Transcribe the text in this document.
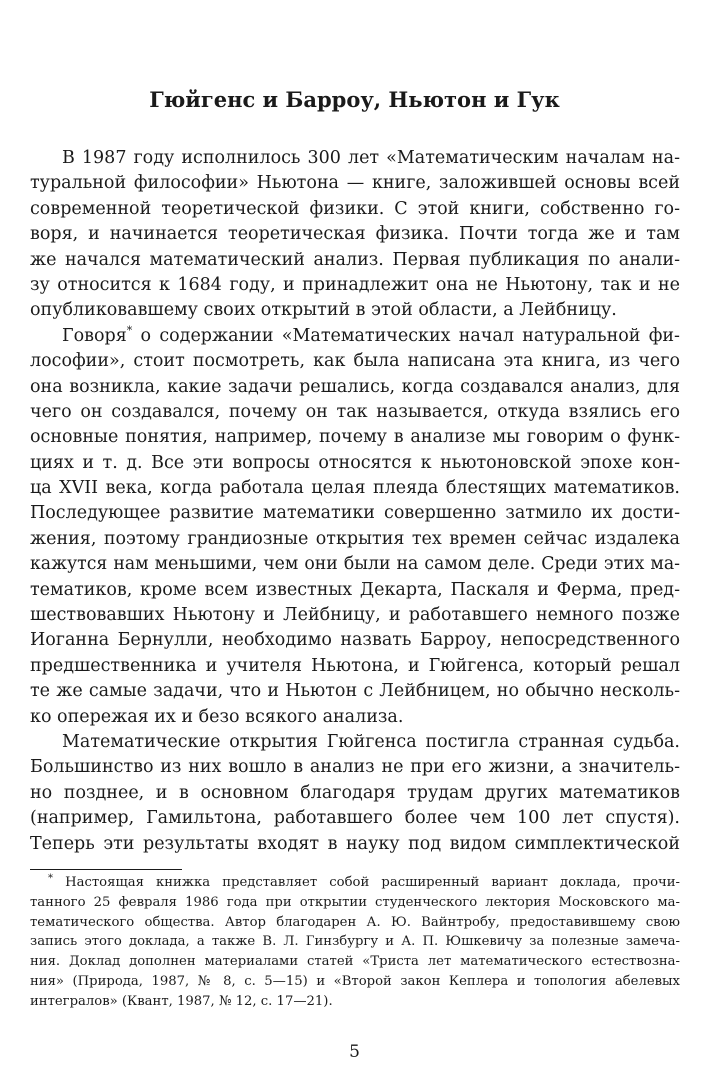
Гюйгенс и Барроу, Ньютон и Гук
В 1987 году исполнилось 300 лет «Математическим началам на-
туральной философии» Ньютона — книге, заложившей основы всей
современной теоретической физики. С этой книги, собственно го-
воря, и начинается теоретическая физика. Почти тогда же и там
же начался математический анализ. Первая публикация по анали-
зу относится к 1684 году, и принадлежит она не Ньютону, так и не
опубликовавшему своих открытий в этой области, а Лейбницу.
Говоря* о содержании «Математических начал натуральной фи-
лософии», стоит посмотреть, как была написана эта книга, из чего
она возникла, какие задачи решались, когда создавался анализ, для
чего он создавался, почему он так называется, откуда взялись его
основные понятия, например, почему в анализе мы говорим о функ-
циях и т. д. Все эти вопросы относятся к ньютоновской эпохе кон-
ца XVII века, когда работала целая плеяда блестящих математиков.
Последующее развитие математики совершенно затмило их дости-
жения, поэтому грандиозные открытия тех времен сейчас издалека
кажутся нам меньшими, чем они были на самом деле. Среди этих ма-
тематиков, кроме всем известных Декарта, Паскаля и Ферма, пред-
шествовавших Ньютону и Лейбницу, и работавшего немного позже
Иоганна Бернулли, необходимо назвать Барроу, непосредственного
предшественника и учителя Ньютона, и Гюйгенса, который решал
те же самые задачи, что и Ньютон с Лейбницем, но обычно несколь-
ко опережая их и безо всякого анализа.
Математические открытия Гюйгенса постигла странная судьба.
Большинство из них вошло в анализ не при его жизни, а значитель-
но позднее, и в основном благодаря трудам других математиков
(например, Гамильтона, работавшего более чем 100 лет спустя).
Теперь эти результаты входят в науку под видом симплектической
* Настоящая книжка представляет собой расширенный вариант доклада, прочи-
танного 25 февраля 1986 года при открытии студенческого лектория Московского ма-
тематического общества. Автор благодарен А. Ю. Вайнтробу, предоставившему свою
запись этого доклада, а также В. Л. Гинзбургу и А. П. Юшкевичу за полезные замеча-
ния. Доклад дополнен материалами статей «Триста лет математического естествозна-
ния» (Природа, 1987, № 8, с. 5—15) и «Второй закон Кеплера и топология абелевых
интегралов» (Квант, 1987, № 12, с. 17—21).
5
